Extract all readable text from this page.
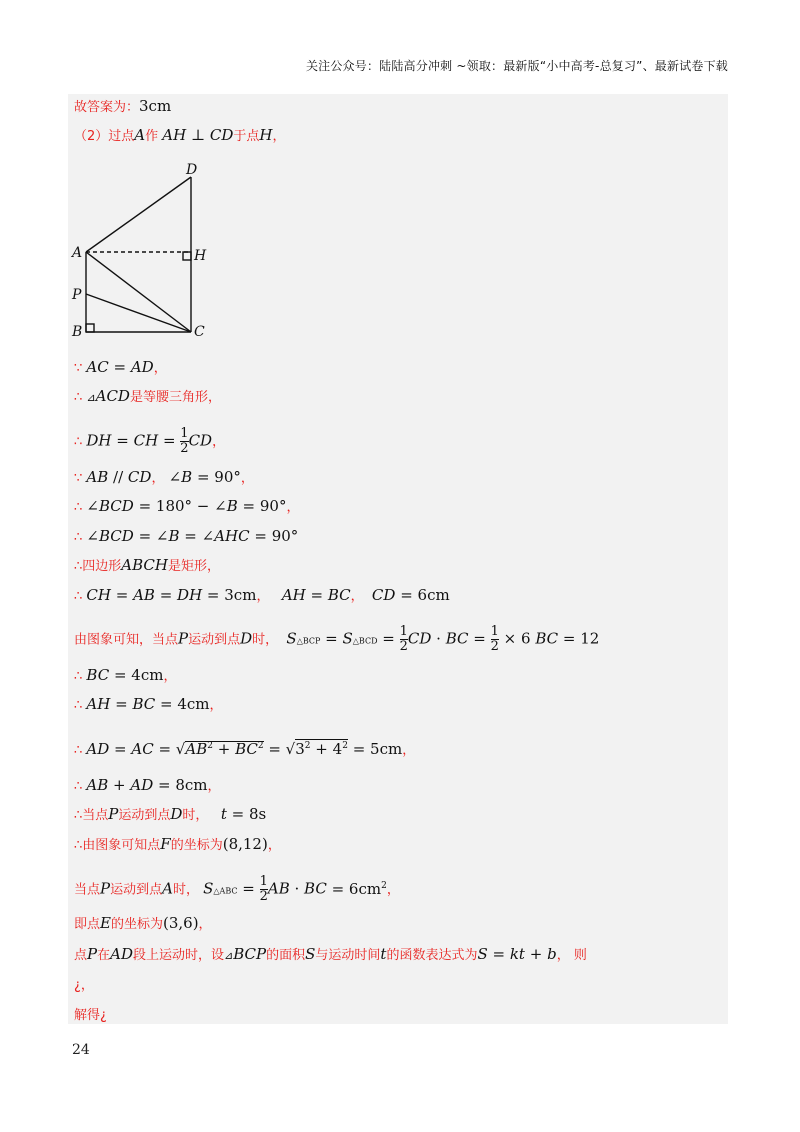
关注公众号：陆陆高分冲刺 ~领取：最新版“小中高考-总复习”、最新试卷下载
故答案为：3cm
（2）过点A作 AH ⊥ CD于点H，
D
A	H
P
B	C
∵ AC = AD，
∴ ⊿ACD是等腰三角形，
∴ DH = CH = $\frac{1}{2}$ CD，
∵ AB // CD， ∠B = 90°，
∴ ∠BCD = 180° − ∠B = 90°，
∴ ∠BCD = ∠B = ∠AHC = 90°
∴四边形ABCH是矩形，
∴ CH = AB = DH = 3cm，   AH = BC，  CD = 6cm
由图象可知，当点P运动到点D时，  S△BCP = S△BCD = $\frac{1}{2}$ CD · BC = $\frac{1}{2} \times 6$ BC = 12
∴ BC = 4cm，
∴ AH = BC = 4cm，
∴ AD = AC = $√AB^2 + BC^2 = √3^2 + 4^2 = 5cm$，
∴ AB + AD = 8cm，
∴当点P运动到点D时，   t = 8s
∴由图象可知点F的坐标为(8,12)，
当点P运动到点A时， S△ABC = $\frac{1}{2}$ AB · BC = $6cm^2$，
即点E的坐标为(3,6)，
点P在AD段上运动时，设⊿BCP的面积S与运动时间t的函数表达式为S = kt + b， 则
¿，
解得¿
24
